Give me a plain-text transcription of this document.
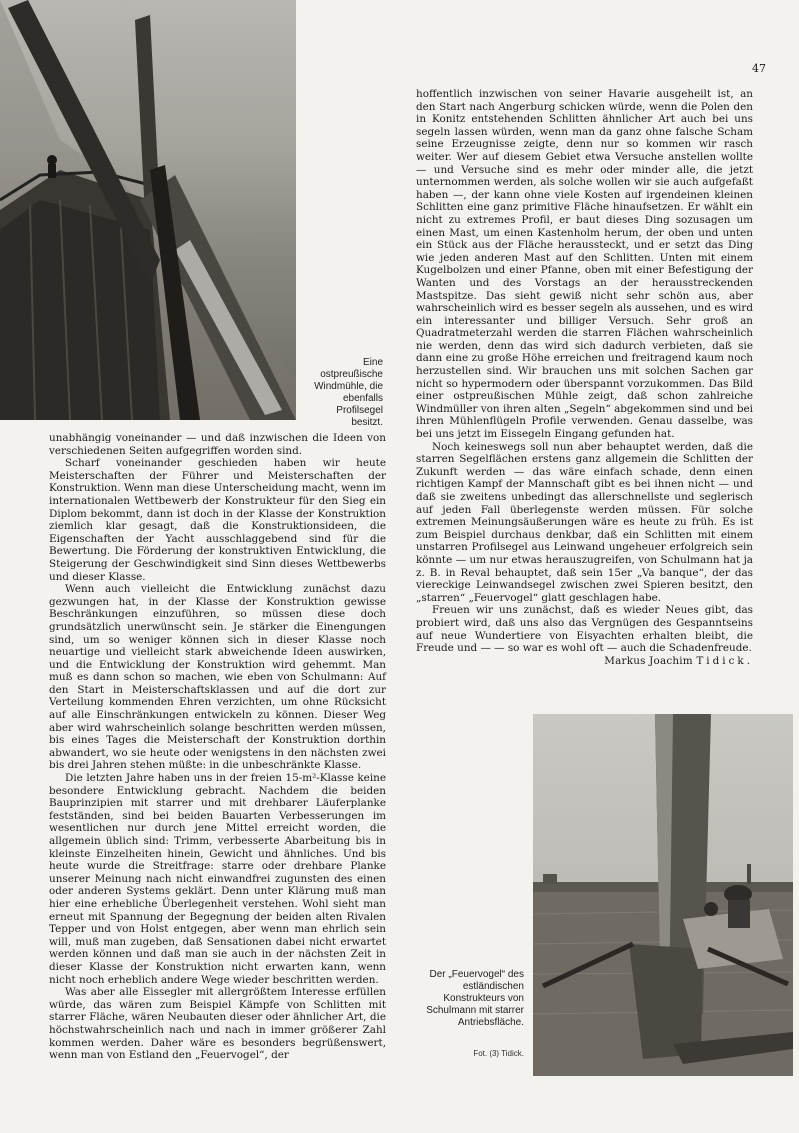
Eine ostpreußische Windmühle, die ebenfalls Profilsegel besitzt.
47

unabhängig voneinander — und daß inzwischen die Ideen von verschiedenen Seiten aufgegriffen worden sind.

Scharf voneinander geschieden haben wir heute Meisterschaften der Führer und Meisterschaften der Konstruktion. Wenn man diese Unterscheidung macht, wenn im internationalen Wettbewerb der Konstrukteur für den Sieg ein Diplom bekommt, dann ist doch in der Klasse der Konstruktion ziemlich klar gesagt, daß die Konstruktionsideen, die Eigenschaften der Yacht ausschlaggebend sind für die Bewertung. Die Förderung der konstruktiven Entwicklung, die Steigerung der Geschwindigkeit sind Sinn dieses Wettbewerbs und dieser Klasse.

Wenn auch vielleicht die Entwicklung zunächst dazu gezwungen hat, in der Klasse der Konstruktion gewisse Beschränkungen einzuführen, so müssen diese doch grundsätzlich unerwünscht sein. Je stärker die Einengungen sind, um so weniger können sich in dieser Klasse noch neuartige und vielleicht stark abweichende Ideen auswirken, und die Entwicklung der Konstruktion wird gehemmt. Man muß es dann schon so machen, wie eben von Schulmann: Auf den Start in Meisterschaftsklassen und auf die dort zur Verteilung kommenden Ehren verzichten, um ohne Rücksicht auf alle Einschränkungen entwickeln zu können. Dieser Weg aber wird wahrscheinlich solange beschritten werden müssen, bis eines Tages die Meisterschaft der Konstruktion dorthin abwandert, wo sie heute oder wenigstens in den nächsten zwei bis drei Jahren stehen müßte: in die unbeschränkte Klasse.

Die letzten Jahre haben uns in der freien 15-m²-Klasse keine besondere Entwicklung gebracht. Nachdem die beiden Bauprinzipien mit starrer und mit drehbarer Läuferplanke festständen, sind bei beiden Bauarten Verbesserungen im wesentlichen nur durch jene Mittel erreicht worden, die allgemein üblich sind: Trimm, verbesserte Abarbeitung bis in kleinste Einzelheiten hinein, Gewicht und ähnliches. Und bis heute wurde die Streitfrage: starre oder drehbare Planke unserer Meinung nach nicht einwandfrei zugunsten des einen oder anderen Systems geklärt. Denn unter Klärung muß man hier eine erhebliche Überlegenheit verstehen. Wohl sieht man erneut mit Spannung der Begegnung der beiden alten Rivalen Tepper und von Holst entgegen, aber wenn man ehrlich sein will, muß man zugeben, daß Sensationen dabei nicht erwartet werden können und daß man sie auch in der nächsten Zeit in dieser Klasse der Konstruktion nicht erwarten kann, wenn nicht noch erheblich andere Wege wieder beschritten werden.

Was aber alle Eissegler mit allergrößtem Interesse erfüllen würde, das wären zum Beispiel Kämpfe von Schlitten mit starrer Fläche, wären Neubauten dieser oder ähnlicher Art, die höchstwahrscheinlich nach und nach in immer größerer Zahl kommen werden. Daher wäre es besonders begrüßenswert, wenn man von Estland den „Feuervogel“, der

hoffentlich inzwischen von seiner Havarie ausgeheilt ist, an den Start nach Angerburg schicken würde, wenn die Polen den in Konitz entstehenden Schlitten ähnlicher Art auch bei uns segeln lassen würden, wenn man da ganz ohne falsche Scham seine Erzeugnisse zeigte, denn nur so kommen wir rasch weiter. Wer auf diesem Gebiet etwa Versuche anstellen wollte — und Versuche sind es mehr oder minder alle, die jetzt unternommen werden, als solche wollen wir sie auch aufgefaßt haben —, der kann ohne viele Kosten auf irgendeinen kleinen Schlitten eine ganz primitive Fläche hinaufsetzen. Er wählt ein nicht zu extremes Profil, er baut dieses Ding sozusagen um einen Mast, um einen Kastenholm herum, der oben und unten ein Stück aus der Fläche heraussteckt, und er setzt das Ding wie jeden anderen Mast auf den Schlitten. Unten mit einem Kugelbolzen und einer Pfanne, oben mit einer Befestigung der Wanten und des Vorstags an der herausstreckenden Mastspitze. Das sieht gewiß nicht sehr schön aus, aber wahrscheinlich wird es besser segeln als aussehen, und es wird ein interessanter und billiger Versuch. Sehr groß an Quadratmeterzahl werden die starren Flächen wahrscheinlich nie werden, denn das wird sich dadurch verbieten, daß sie dann eine zu große Höhe erreichen und freitragend kaum noch herzustellen sind. Wir brauchen uns mit solchen Sachen gar nicht so hypermodern oder überspannt vorzukommen. Das Bild einer ostpreußischen Mühle zeigt, daß schon zahlreiche Windmüller von ihren alten „Segeln“ abgekommen sind und bei ihren Mühlenflügeln Profile verwenden. Genau dasselbe, was bei uns jetzt im Eissegeln Eingang gefunden hat.

Noch keineswegs soll nun aber behauptet werden, daß die starren Segelflächen erstens ganz allgemein die Schlitten der Zukunft werden — das wäre einfach schade, denn einen richtigen Kampf der Mannschaft gibt es bei ihnen nicht — und daß sie zweitens unbedingt das allerschnellste und seglerisch auf jeden Fall überlegenste werden müssen. Für solche extremen Meinungsäußerungen wäre es heute zu früh. Es ist zum Beispiel durchaus denkbar, daß ein Schlitten mit einem unstarren Profilsegel aus Leinwand ungeheuer erfolgreich sein könnte — um nur etwas herauszugreifen, von Schulmann hat ja z. B. in Reval behauptet, daß sein 15er „Va banque“, der das viereckige Leinwandsegel zwischen zwei Spieren besitzt, den „starren“ „Feuervogel“ glatt geschlagen habe.

Freuen wir uns zunächst, daß es wieder Neues gibt, das probiert wird, daß uns also das Vergnügen des Gespanntseins auf neue Wundertiere von Eisyachten erhalten bleibt, die Freude und — — so war es wohl oft — auch die Schadenfreude.

Markus Joachim Tidick.

Der „Feuervogel“ des estländischen Konstrukteurs von Schulmann mit starrer Antriebsfläche.
Fot. (3) Tidick.
